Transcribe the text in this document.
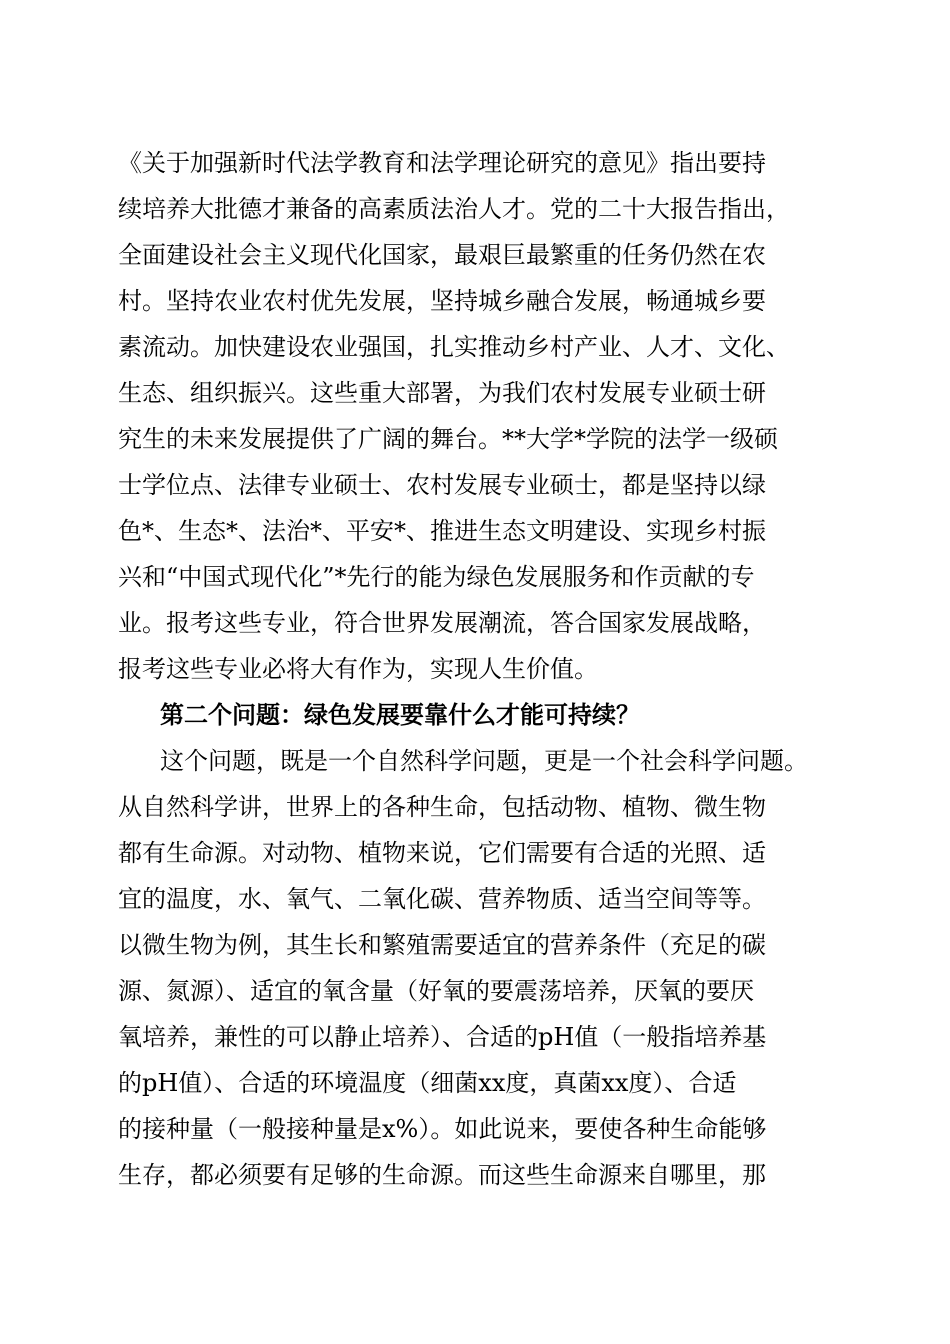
《关于加强新时代法学教育和法学理论研究的意见》指出要持
续培养大批德才兼备的高素质法治人才。党的二十大报告指出，
全面建设社会主义现代化国家，最艰巨最繁重的任务仍然在农
村。坚持农业农村优先发展，坚持城乡融合发展，畅通城乡要
素流动。加快建设农业强国，扎实推动乡村产业、人才、文化、
生态、组织振兴。这些重大部署，为我们农村发展专业硕士研
究生的未来发展提供了广阔的舞台。**大学*学院的法学一级硕
士学位点、法律专业硕士、农村发展专业硕士，都是坚持以绿
色*、生态*、法治*、平安*、推进生态文明建设、实现乡村振
兴和“中国式现代化”*先行的能为绿色发展服务和作贡献的专
业。报考这些专业，符合世界发展潮流，答合国家发展战略，
报考这些专业必将大有作为，实现人生价值。
第二个问题：绿色发展要靠什么才能可持续？
这个问题，既是一个自然科学问题，更是一个社会科学问题。
从自然科学讲，世界上的各种生命，包括动物、植物、微生物
都有生命源。对动物、植物来说，它们需要有合适的光照、适
宜的温度，水、氧气、二氧化碳、营养物质、适当空间等等。
以微生物为例，其生长和繁殖需要适宜的营养条件（充足的碳
源、氮源）、适宜的氧含量（好氧的要震荡培养，厌氧的要厌
氧培养，兼性的可以静止培养）、合适的pH值（一般指培养基
的pH值）、合适的环境温度（细菌xx度，真菌xx度）、合适
的接种量（一般接种量是x%）。如此说来，要使各种生命能够
生存，都必须要有足够的生命源。而这些生命源来自哪里，那
